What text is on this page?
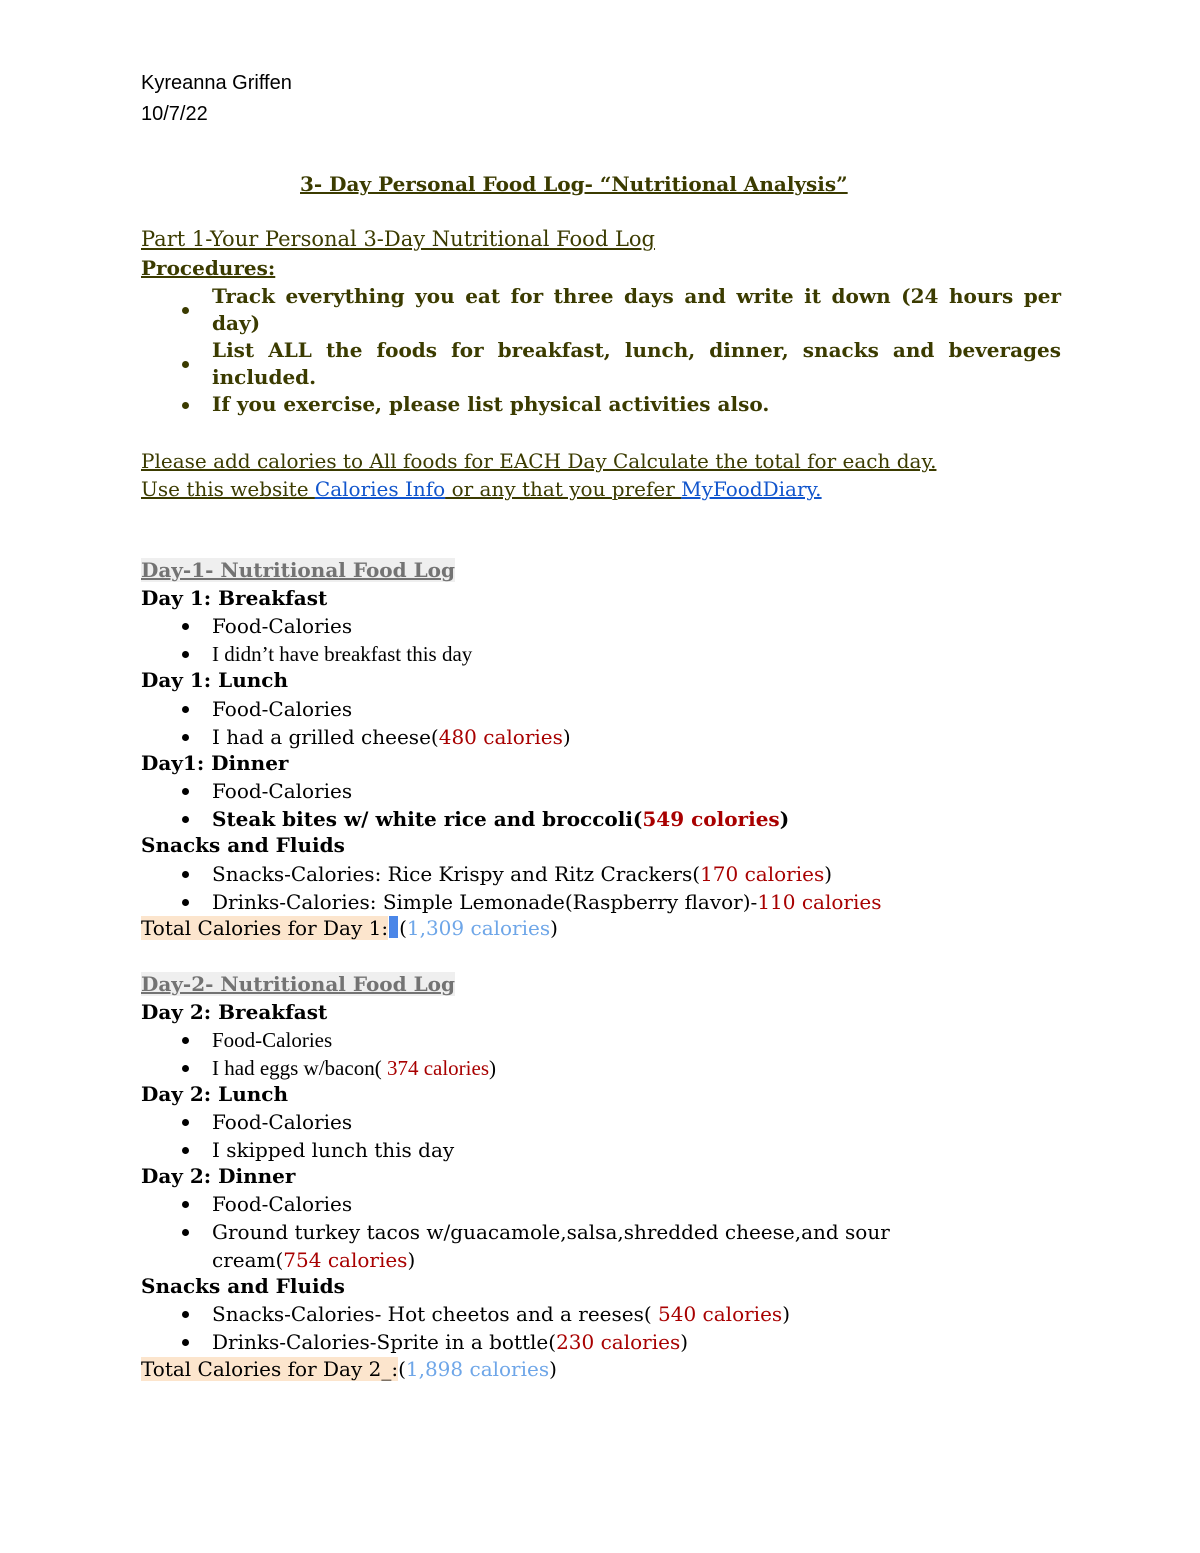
Kyreanna Griffen
10/7/22
3- Day Personal Food Log- “Nutritional Analysis”
Part 1-Your Personal 3-Day Nutritional Food Log
Procedures:
Track everything you eat for three days and write it down (24 hours per day)
List ALL the foods for breakfast, lunch, dinner, snacks and beverages included.
If you exercise, please list physical activities also.
Please add calories to All foods for EACH Day Calculate the total for each day.
Use this website Calories Info or any that you prefer MyFoodDiary.
Day-1- Nutritional Food Log
Day 1: Breakfast
Food-Calories
I didn’t have breakfast this day
Day 1: Lunch
Food-Calories
I had a grilled cheese(480 calories)
Day1: Dinner
Food-Calories
Steak bites w/ white rice and broccoli(549 colories)
Snacks and Fluids
Snacks-Calories: Rice Krispy and Ritz Crackers(170 calories)
Drinks-Calories: Simple Lemonade(Raspberry flavor)-110 calories
Total Calories for Day 1: (1,309 calories)
Day-2- Nutritional Food Log
Day 2: Breakfast
Food-Calories
I had eggs w/bacon( 374 calories)
Day 2: Lunch
Food-Calories
I skipped lunch this day
Day 2: Dinner
Food-Calories
Ground turkey tacos w/guacamole,salsa,shredded cheese,and sour
cream(754 calories)
Snacks and Fluids
Snacks-Calories- Hot cheetos and a reeses( 540 calories)
Drinks-Calories-Sprite in a bottle(230 calories)
Total Calories for Day 2_:(1,898 calories)
